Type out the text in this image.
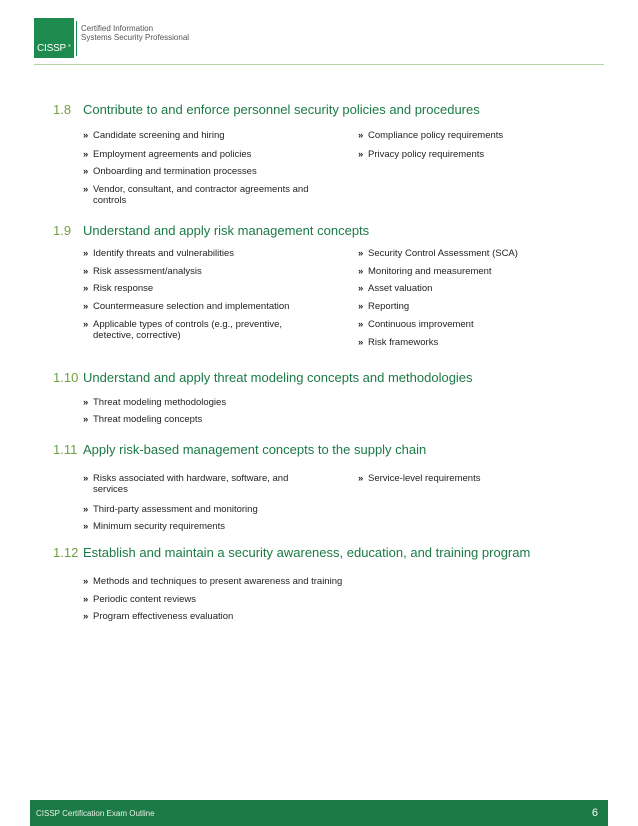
CISSP ®
Certified Information
Systems Security Professional
1.8 Contribute to and enforce personnel security policies and procedures
» Candidate screening and hiring
» Employment agreements and policies
» Onboarding and termination processes
» Vendor, consultant, and contractor agreements and controls
» Compliance policy requirements
» Privacy policy requirements
1.9 Understand and apply risk management concepts
» Identify threats and vulnerabilities
» Risk assessment/analysis
» Risk response
» Countermeasure selection and implementation
» Applicable types of controls (e.g., preventive, detective, corrective)
» Security Control Assessment (SCA)
» Monitoring and measurement
» Asset valuation
» Reporting
» Continuous improvement
» Risk frameworks
1.10 Understand and apply threat modeling concepts and methodologies
» Threat modeling methodologies
» Threat modeling concepts
1.11 Apply risk-based management concepts to the supply chain
» Risks associated with hardware, software, and services
» Third-party assessment and monitoring
» Minimum security requirements
» Service-level requirements
1.12 Establish and maintain a security awareness, education, and training program
» Methods and techniques to present awareness and training
» Periodic content reviews
» Program effectiveness evaluation
CISSP Certification Exam Outline	6
